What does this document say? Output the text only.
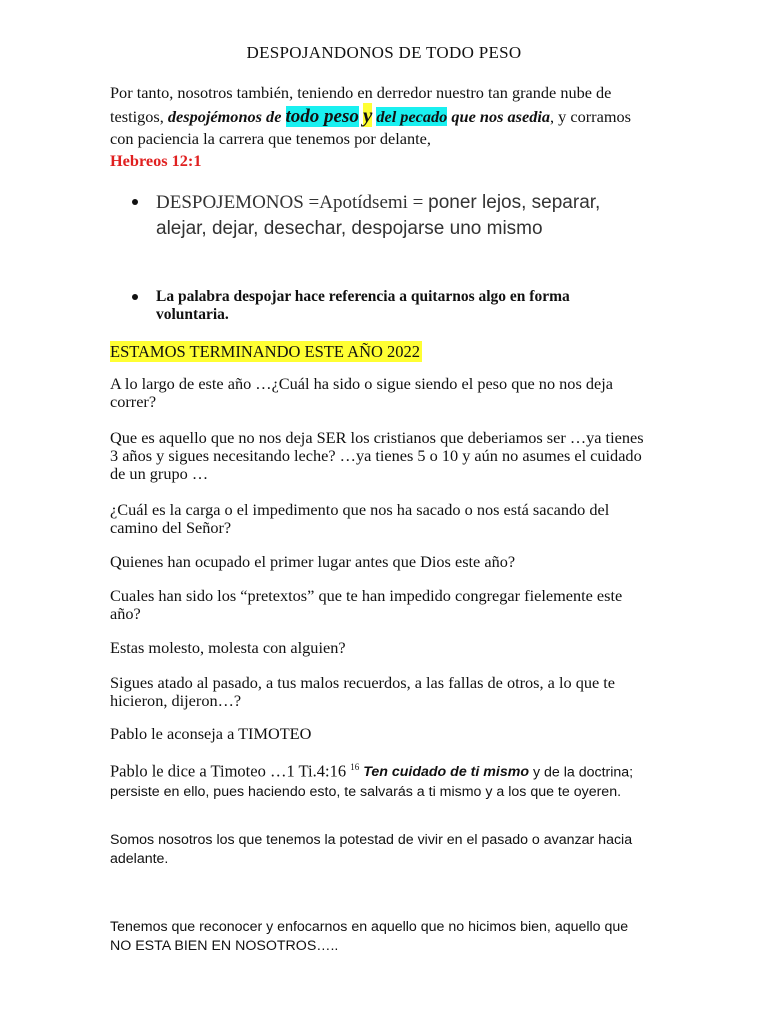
DESPOJANDONOS DE TODO PESO
Por tanto, nosotros también, teniendo en derredor nuestro tan grande nube de testigos, despojémonos de todo peso y del pecado que nos asedia, y corramos con paciencia la carrera que tenemos por delante,
Hebreos 12:1
DESPOJEMONOS =Apotídsemi = poner lejos, separar, alejar, dejar, desechar, despojarse uno mismo
La palabra despojar hace referencia a quitarnos algo en forma voluntaria.
ESTAMOS TERMINANDO ESTE AÑO 2022
A lo largo de este año …¿Cuál ha sido o sigue siendo el peso que no nos deja correr?
Que es aquello que no nos deja SER los cristianos que deberiamos ser …ya tienes 3 años y sigues necesitando leche? …ya tienes 5 o 10 y aún no asumes el cuidado de un grupo …
¿Cuál es la carga o el impedimento que nos ha sacado o nos está sacando del camino del Señor?
Quienes han ocupado el primer lugar antes que Dios este año?
Cuales han sido los “pretextos” que te han impedido congregar fielemente este año?
Estas molesto, molesta con alguien?
Sigues atado al pasado, a tus malos recuerdos, a las fallas de otros, a lo que te hicieron, dijeron…?
Pablo le aconseja a TIMOTEO
Pablo le dice a Timoteo …1 Ti.4:16 $^{16}$ Ten cuidado de ti mismo y de la doctrina; persiste en ello, pues haciendo esto, te salvarás a ti mismo y a los que te oyeren.
Somos nosotros los que tenemos la potestad de vivir en el pasado o avanzar hacia adelante.
Tenemos que reconocer y enfocarnos en aquello que no hicimos bien, aquello que NO ESTA BIEN EN NOSOTROS…..
